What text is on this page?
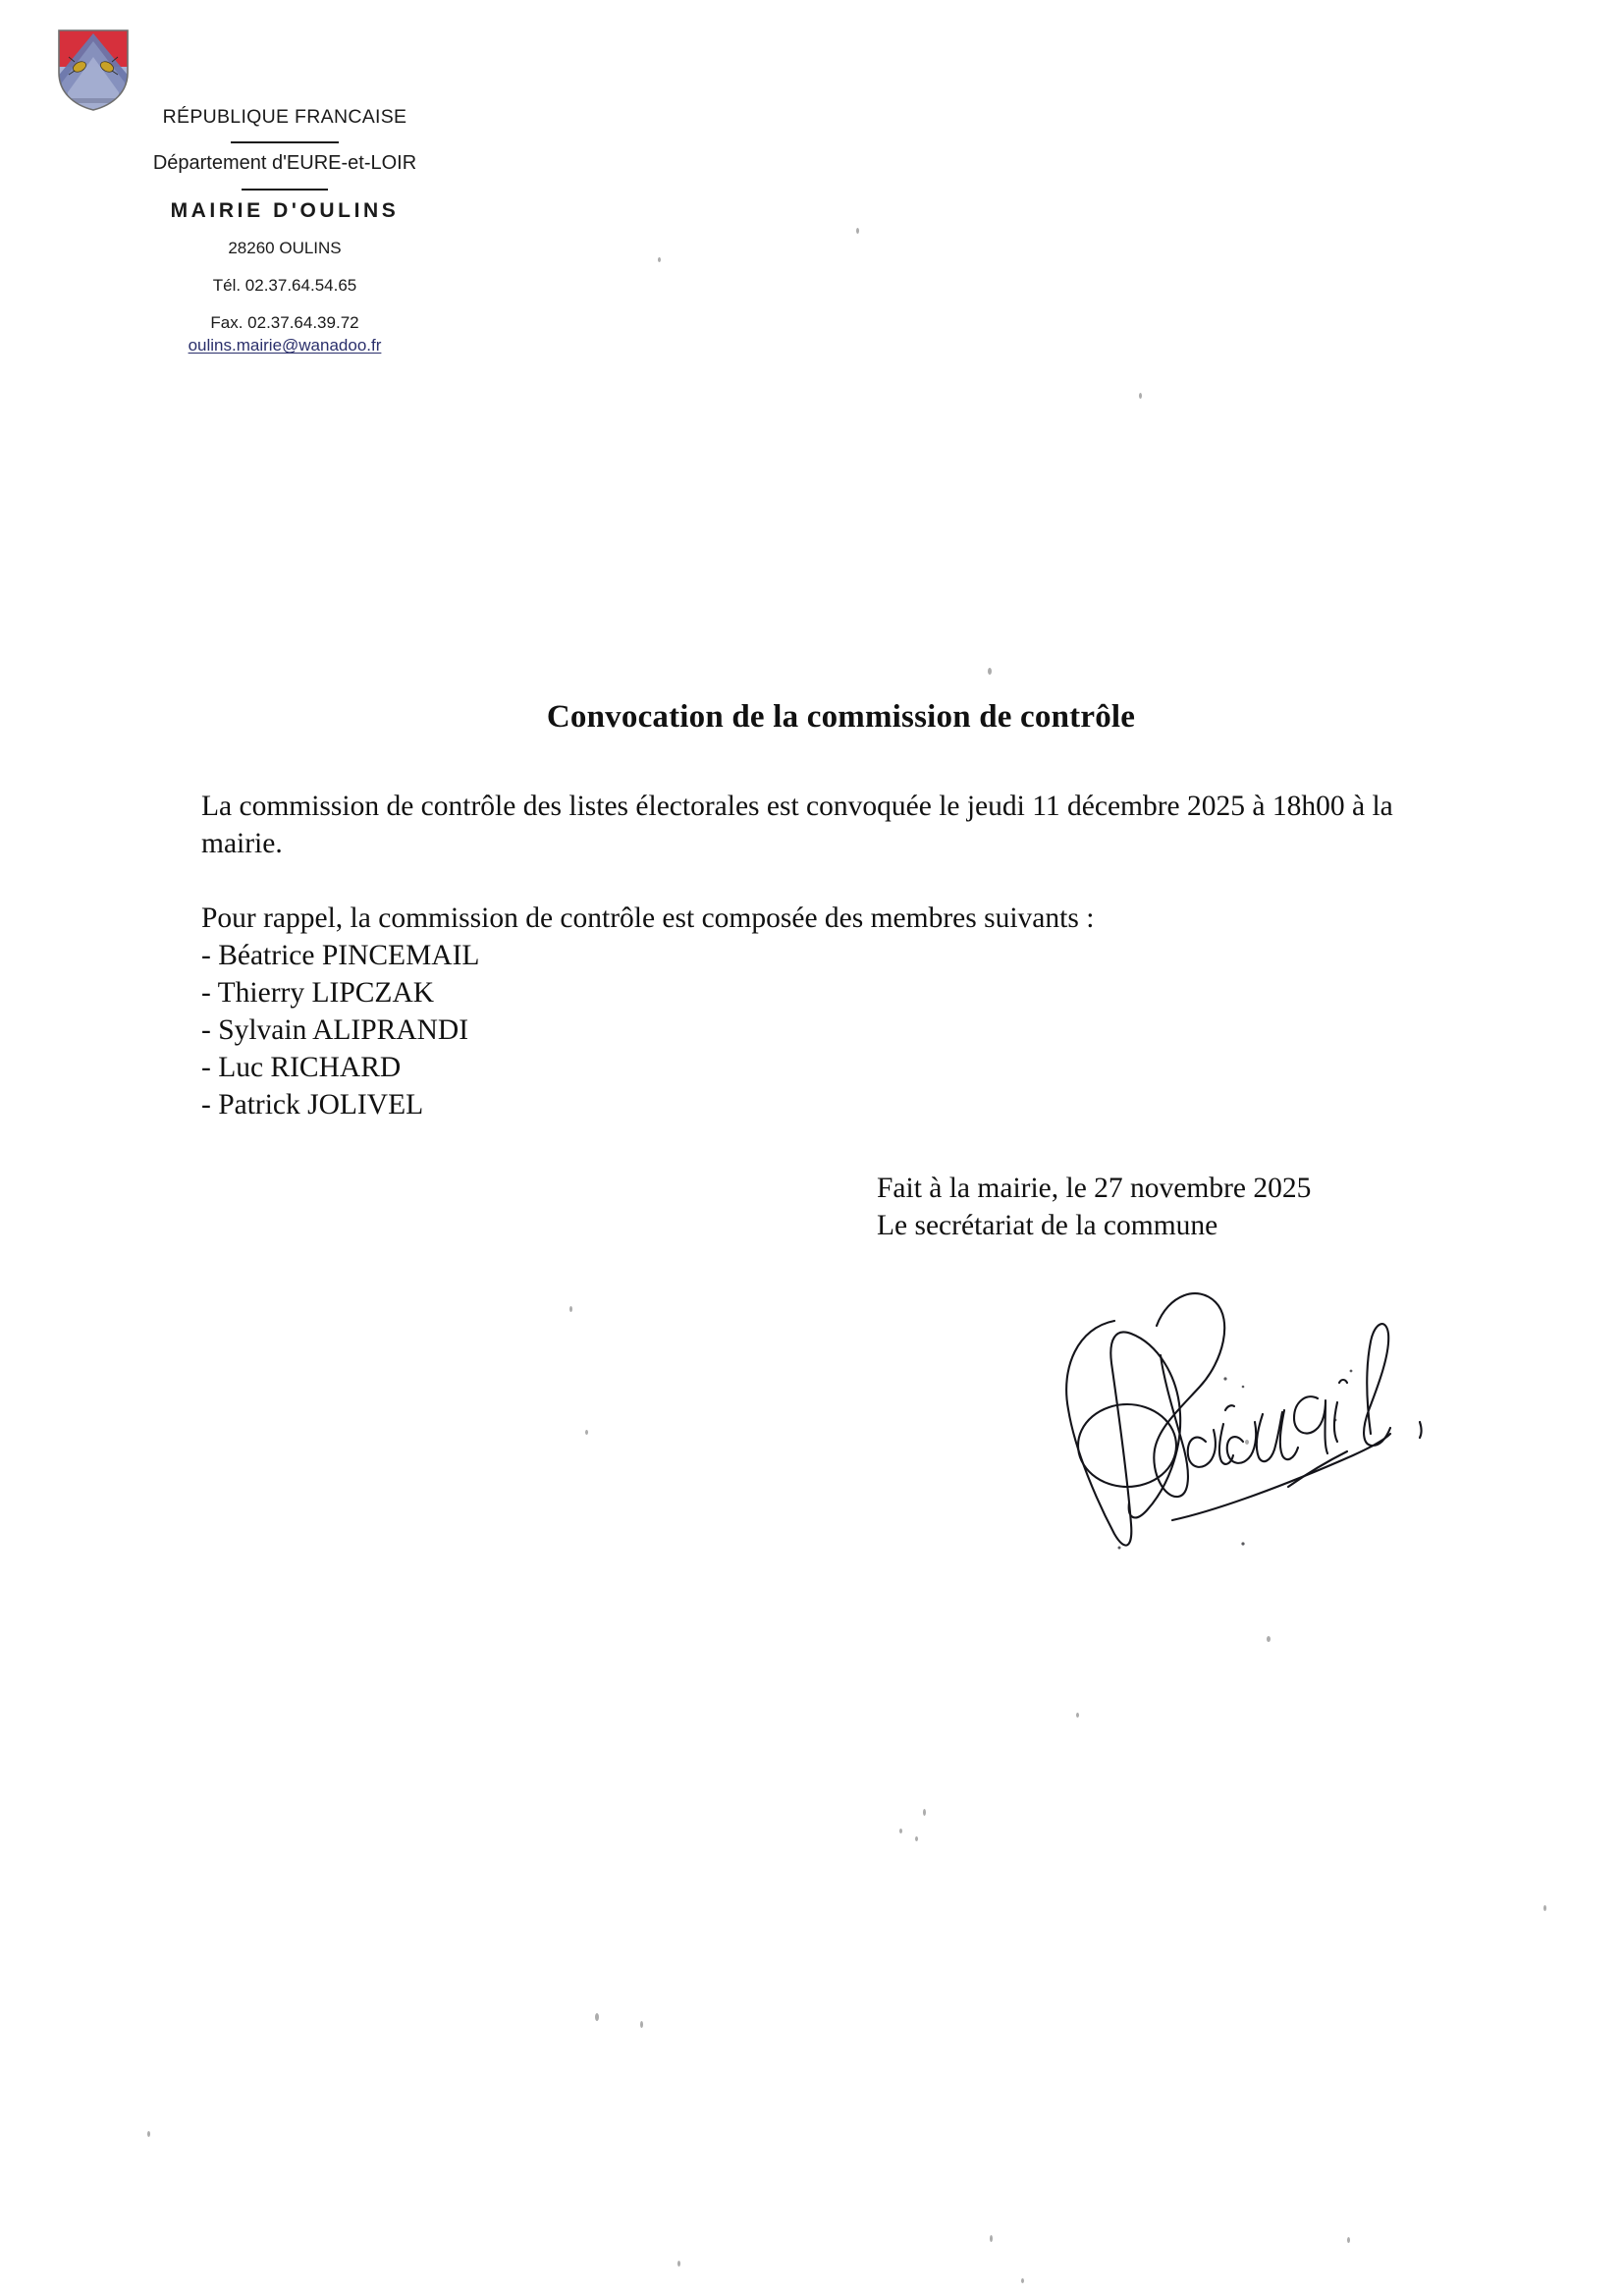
RÉPUBLIQUE FRANCAISE
Département d'EURE-et-LOIR
MAIRIE D'OULINS
28260 OULINS
Tél. 02.37.64.54.65
Fax. 02.37.64.39.72
oulins.mairie@wanadoo.fr
Convocation de la commission de contrôle

La commission de contrôle des listes électorales est convoquée le jeudi 11 décembre 2025 à 18h00 à la mairie.

Pour rappel, la commission de contrôle est composée des membres suivants :

- Béatrice PINCEMAIL
- Thierry LIPCZAK
- Sylvain ALIPRANDI
- Luc RICHARD
- Patrick JOLIVEL
Fait à la mairie, le 27 novembre 2025
Le secrétariat de la commune
